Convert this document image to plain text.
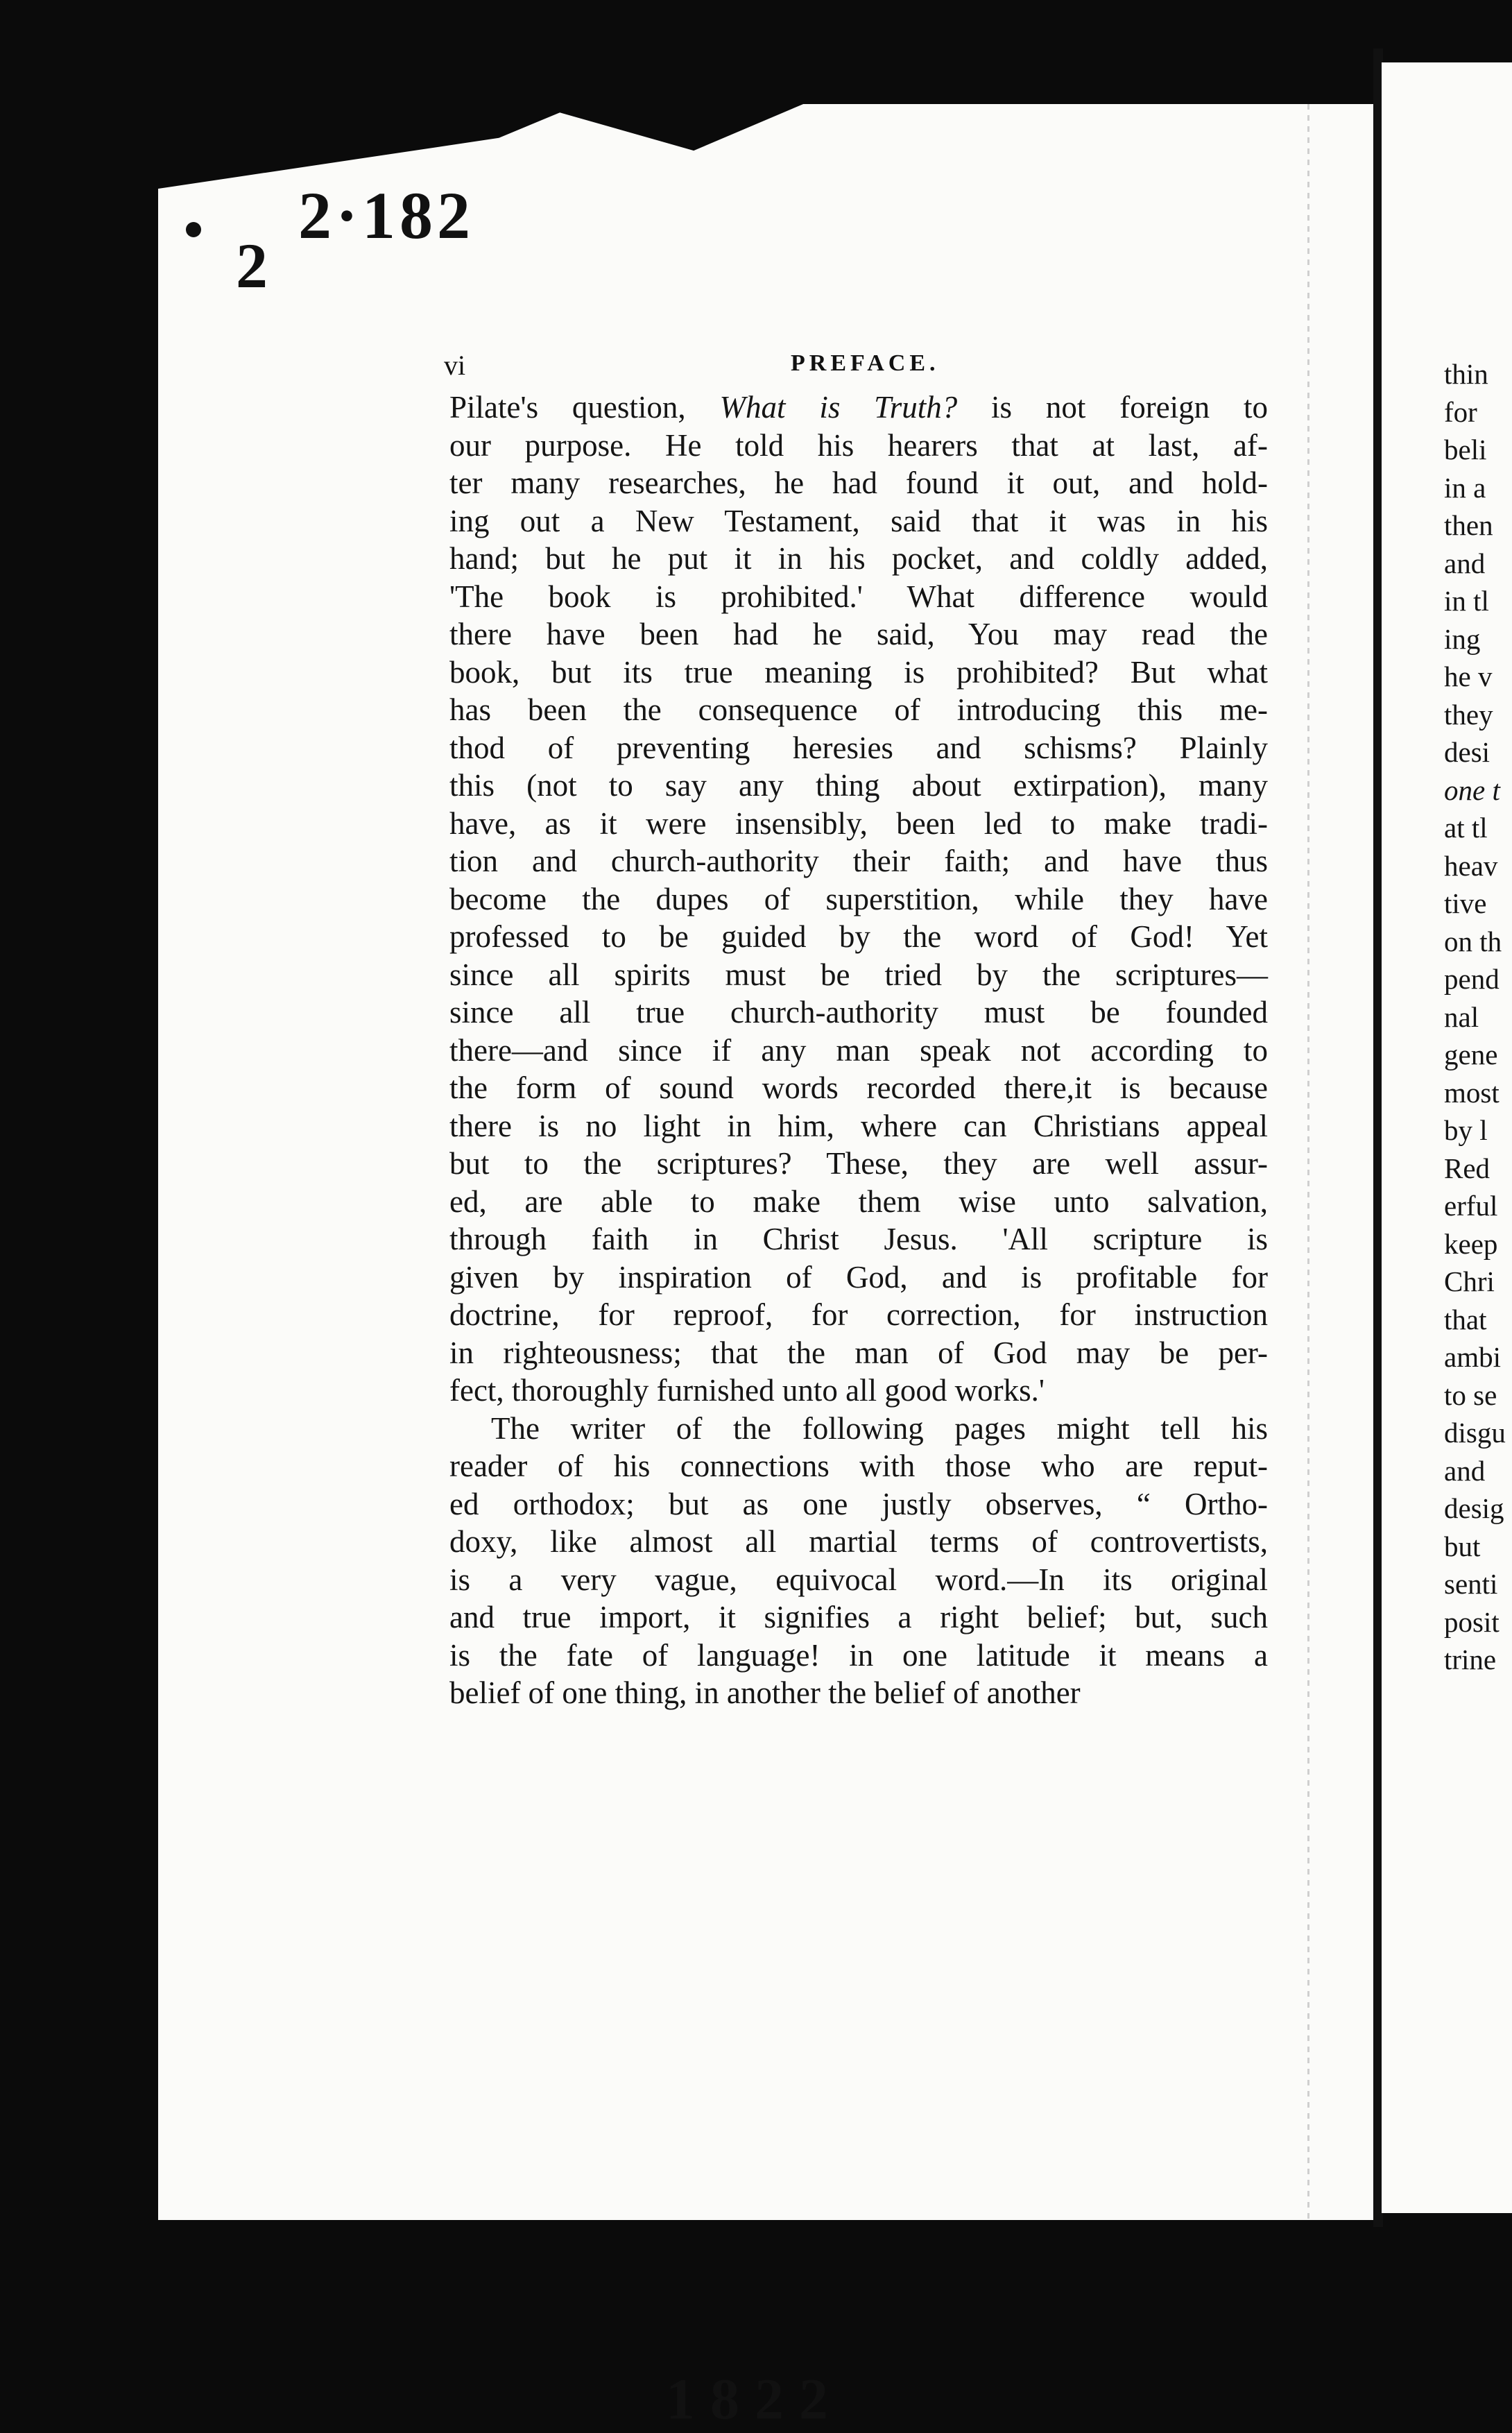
2·182
2
vi	PREFACE.
Pilate's question, What is Truth? is not foreign to
our purpose. He told his hearers that at last, af-
ter many researches, he had found it out, and hold-
ing out a New Testament, said that it was in his
hand; but he put it in his pocket, and coldly added,
'The book is prohibited.' What difference would
there have been had he said, You may read the
book, but its true meaning is prohibited? But what
has been the consequence of introducing this me-
thod of preventing heresies and schisms? Plainly
this (not to say any thing about extirpation), many
have, as it were insensibly, been led to make tradi-
tion and church-authority their faith; and have thus
become the dupes of superstition, while they have
professed to be guided by the word of God! Yet
since all spirits must be tried by the scriptures—
since all true church-authority must be founded
there—and since if any man speak not according to
the form of sound words recorded there,it is because
there is no light in him, where can Christians appeal
but to the scriptures? These, they are well assur-
ed, are able to make them wise unto salvation,
through faith in Christ Jesus. 'All scripture is
given by inspiration of God, and is profitable for
doctrine, for reproof, for correction, for instruction
in righteousness; that the man of God may be per-
fect, thoroughly furnished unto all good works.'
The writer of the following pages might tell his
reader of his connections with those who are reput-
ed orthodox; but as one justly observes, “ Ortho-
doxy, like almost all martial terms of controvertists,
is a very vague, equivocal word.—In its original
and true import, it signifies a right belief; but, such
is the fate of language! in one latitude it means a
belief of one thing, in another the belief of another
thin
for
beli
in a
then
and
in tl
ing
he v
they
desi
one t
at tl
heav
tive
on th
pend
nal
gene
most
by l
Red
erful
keep
Chri
that
ambi
to se
disgu
and
desig
but
senti
posit
trine
1822
